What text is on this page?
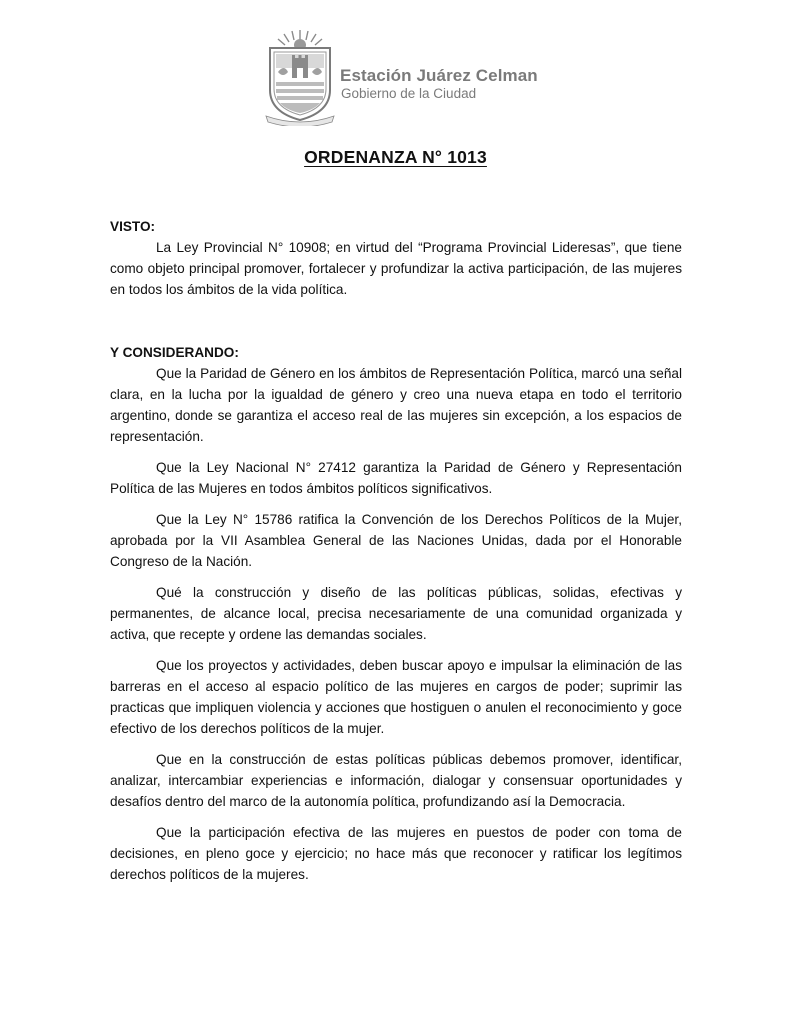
Estación Juárez Celman
Gobierno de la Ciudad
ORDENANZA N° 1013

VISTO:

La Ley Provincial N° 10908; en virtud del “Programa Provincial Lideresas”, que tiene como objeto principal promover, fortalecer y profundizar la activa participación, de las mujeres en todos los ámbitos de la vida política.

Y CONSIDERANDO:

Que la Paridad de Género en los ámbitos de Representación Política, marcó una señal clara, en la lucha por la igualdad de género y creo una nueva etapa en todo el territorio argentino, donde se garantiza el acceso real de las mujeres sin excepción, a los espacios de representación.

Que la Ley Nacional N° 27412 garantiza la Paridad de Género y Representación Política de las Mujeres en todos ámbitos políticos significativos.

Que la Ley N° 15786 ratifica la Convención de los Derechos Políticos de la Mujer, aprobada por la VII Asamblea General de las Naciones Unidas, dada por el Honorable Congreso de la Nación.

Qué la construcción y diseño de las políticas públicas, solidas, efectivas y permanentes, de alcance local, precisa necesariamente de una comunidad organizada y activa, que recepte y ordene las demandas sociales.

Que los proyectos y actividades, deben buscar apoyo e impulsar la eliminación de las barreras en el acceso al espacio político de las mujeres en cargos de poder; suprimir las practicas que impliquen violencia y acciones que hostiguen o anulen el reconocimiento y goce efectivo de los derechos políticos de la mujer.

Que en la construcción de estas políticas públicas debemos promover, identificar, analizar, intercambiar experiencias e información, dialogar y consensuar oportunidades y desafíos dentro del marco de la autonomía política, profundizando así la Democracia.

Que la participación efectiva de las mujeres en puestos de poder con toma de decisiones, en pleno goce y ejercicio; no hace más que reconocer y ratificar los legítimos derechos políticos de la mujeres.
